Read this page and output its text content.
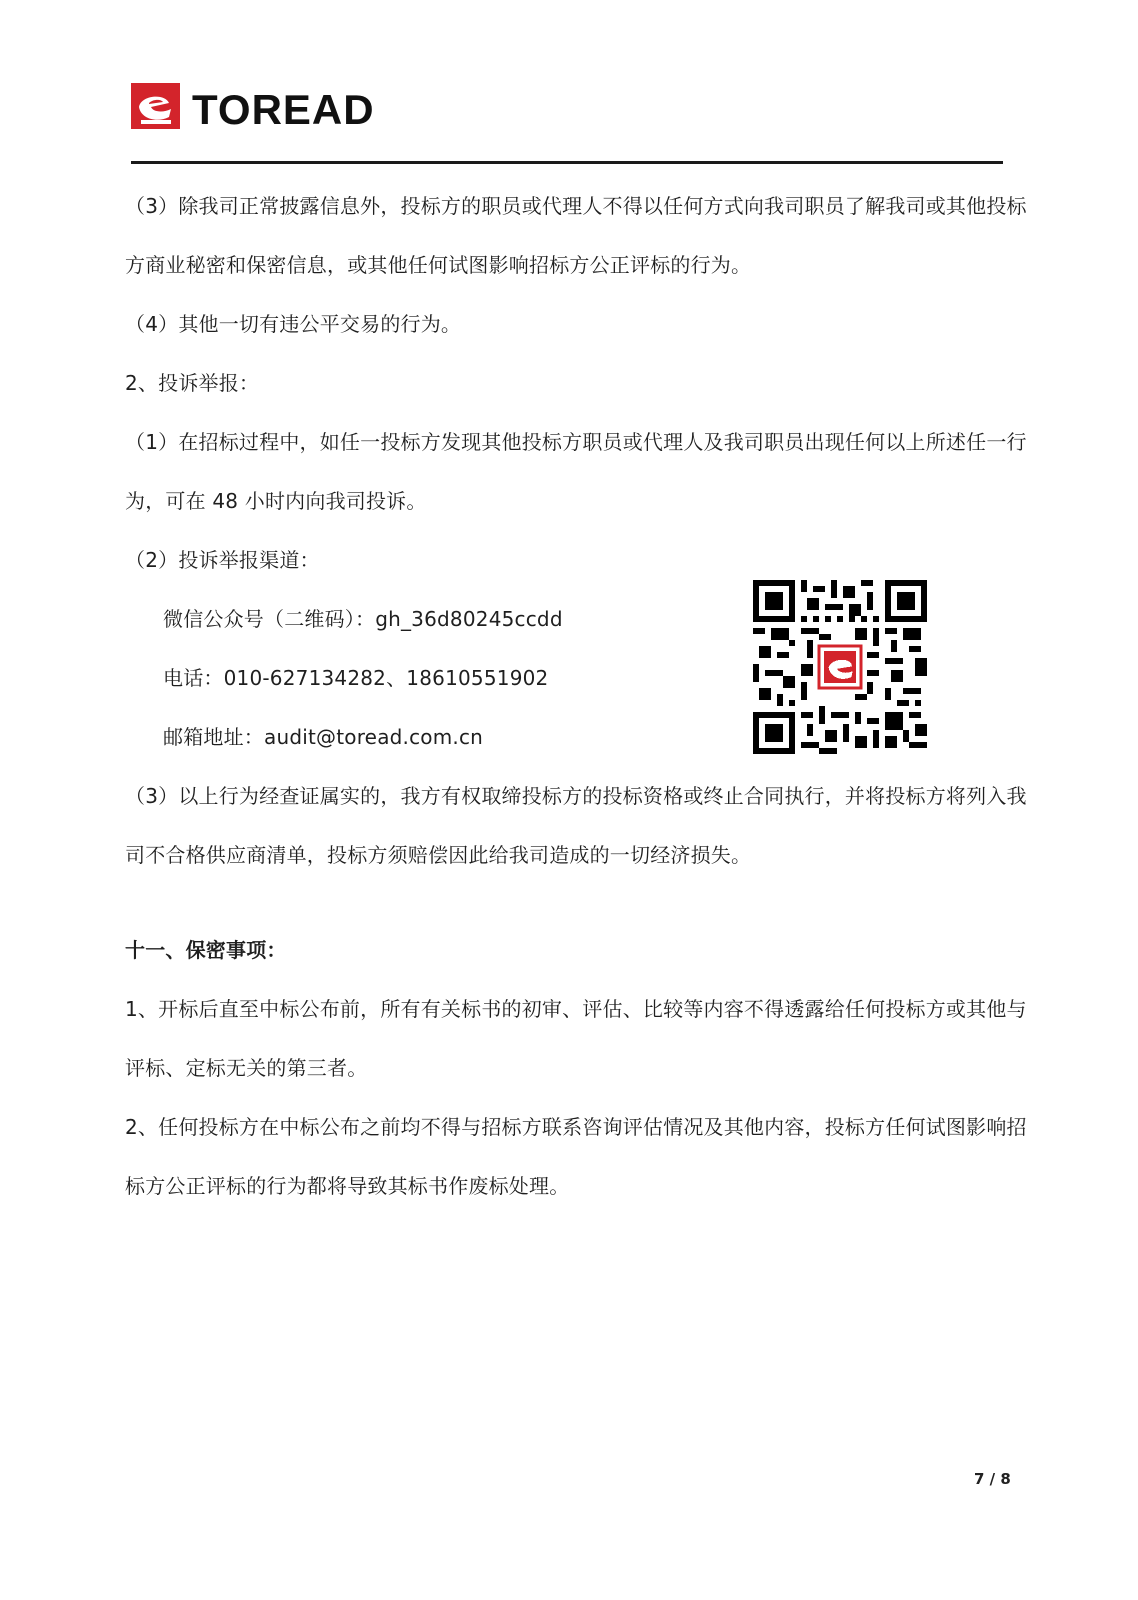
TOREAD
（3）除我司正常披露信息外，投标方的职员或代理人不得以任何方式向我司职员了解我司或其他投标
方商业秘密和保密信息，或其他任何试图影响招标方公正评标的行为。
（4）其他一切有违公平交易的行为。
2、投诉举报：
（1）在招标过程中，如任一投标方发现其他投标方职员或代理人及我司职员出现任何以上所述任一行
为，可在 48 小时内向我司投诉。
（2）投诉举报渠道：
微信公众号（二维码）：gh_36d80245ccdd
电话：010-627134282、18610551902
邮箱地址：audit@toread.com.cn
（3）以上行为经查证属实的，我方有权取缔投标方的投标资格或终止合同执行，并将投标方将列入我
司不合格供应商清单，投标方须赔偿因此给我司造成的一切经济损失。
十一、保密事项：
1、开标后直至中标公布前，所有有关标书的初审、评估、比较等内容不得透露给任何投标方或其他与
评标、定标无关的第三者。
2、任何投标方在中标公布之前均不得与招标方联系咨询评估情况及其他内容，投标方任何试图影响招
标方公正评标的行为都将导致其标书作废标处理。
7 / 8
